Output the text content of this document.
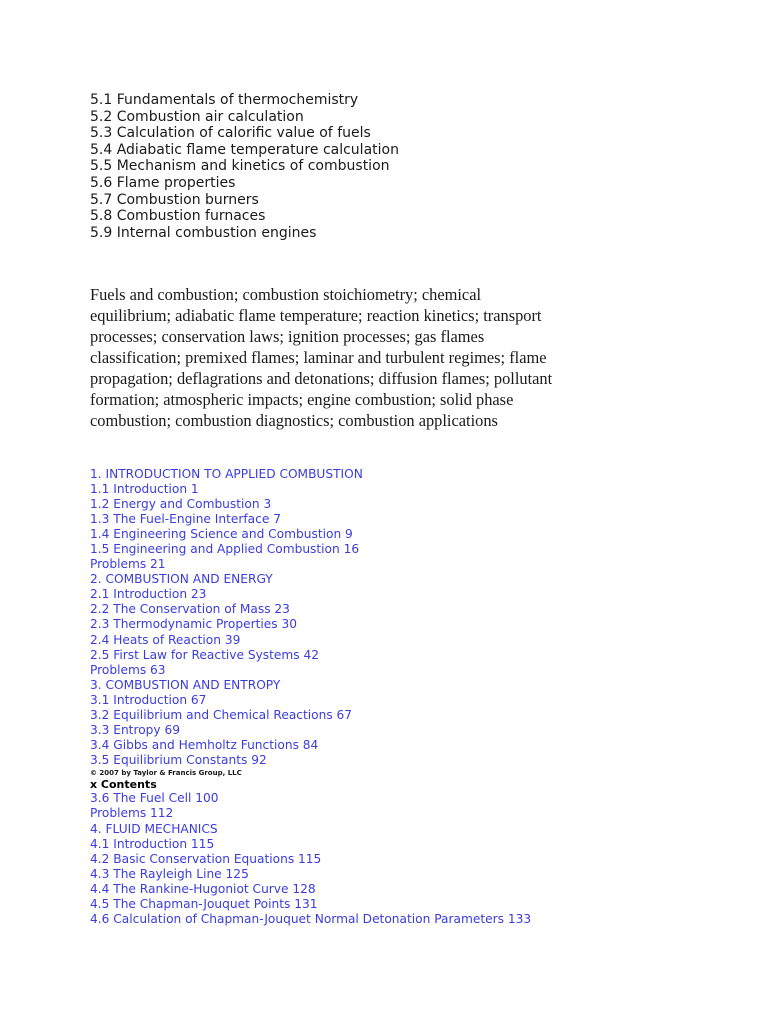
5.1 Fundamentals of thermochemistry
5.2 Combustion air calculation
5.3 Calculation of calorific value of fuels
5.4 Adiabatic flame temperature calculation
5.5 Mechanism and kinetics of combustion
5.6 Flame properties
5.7 Combustion burners
5.8 Combustion furnaces
5.9 Internal combustion engines
Fuels and combustion; combustion stoichiometry; chemical
equilibrium; adiabatic flame temperature; reaction kinetics; transport
processes; conservation laws; ignition processes; gas flames
classification; premixed flames; laminar and turbulent regimes; flame
propagation; deflagrations and detonations; diffusion flames; pollutant
formation; atmospheric impacts; engine combustion; solid phase
combustion; combustion diagnostics; combustion applications
1. INTRODUCTION TO APPLIED COMBUSTION
1.1 Introduction 1
1.2 Energy and Combustion 3
1.3 The Fuel-Engine Interface 7
1.4 Engineering Science and Combustion 9
1.5 Engineering and Applied Combustion 16
Problems 21
2. COMBUSTION AND ENERGY
2.1 Introduction 23
2.2 The Conservation of Mass 23
2.3 Thermodynamic Properties 30
2.4 Heats of Reaction 39
2.5 First Law for Reactive Systems 42
Problems 63
3. COMBUSTION AND ENTROPY
3.1 Introduction 67
3.2 Equilibrium and Chemical Reactions 67
3.3 Entropy 69
3.4 Gibbs and Hemholtz Functions 84
3.5 Equilibrium Constants 92
© 2007 by Taylor & Francis Group, LLC
x Contents
3.6 The Fuel Cell 100
Problems 112
4. FLUID MECHANICS
4.1 Introduction 115
4.2 Basic Conservation Equations 115
4.3 The Rayleigh Line 125
4.4 The Rankine-Hugoniot Curve 128
4.5 The Chapman-Jouquet Points 131
4.6 Calculation of Chapman-Jouquet Normal Detonation Parameters 133
